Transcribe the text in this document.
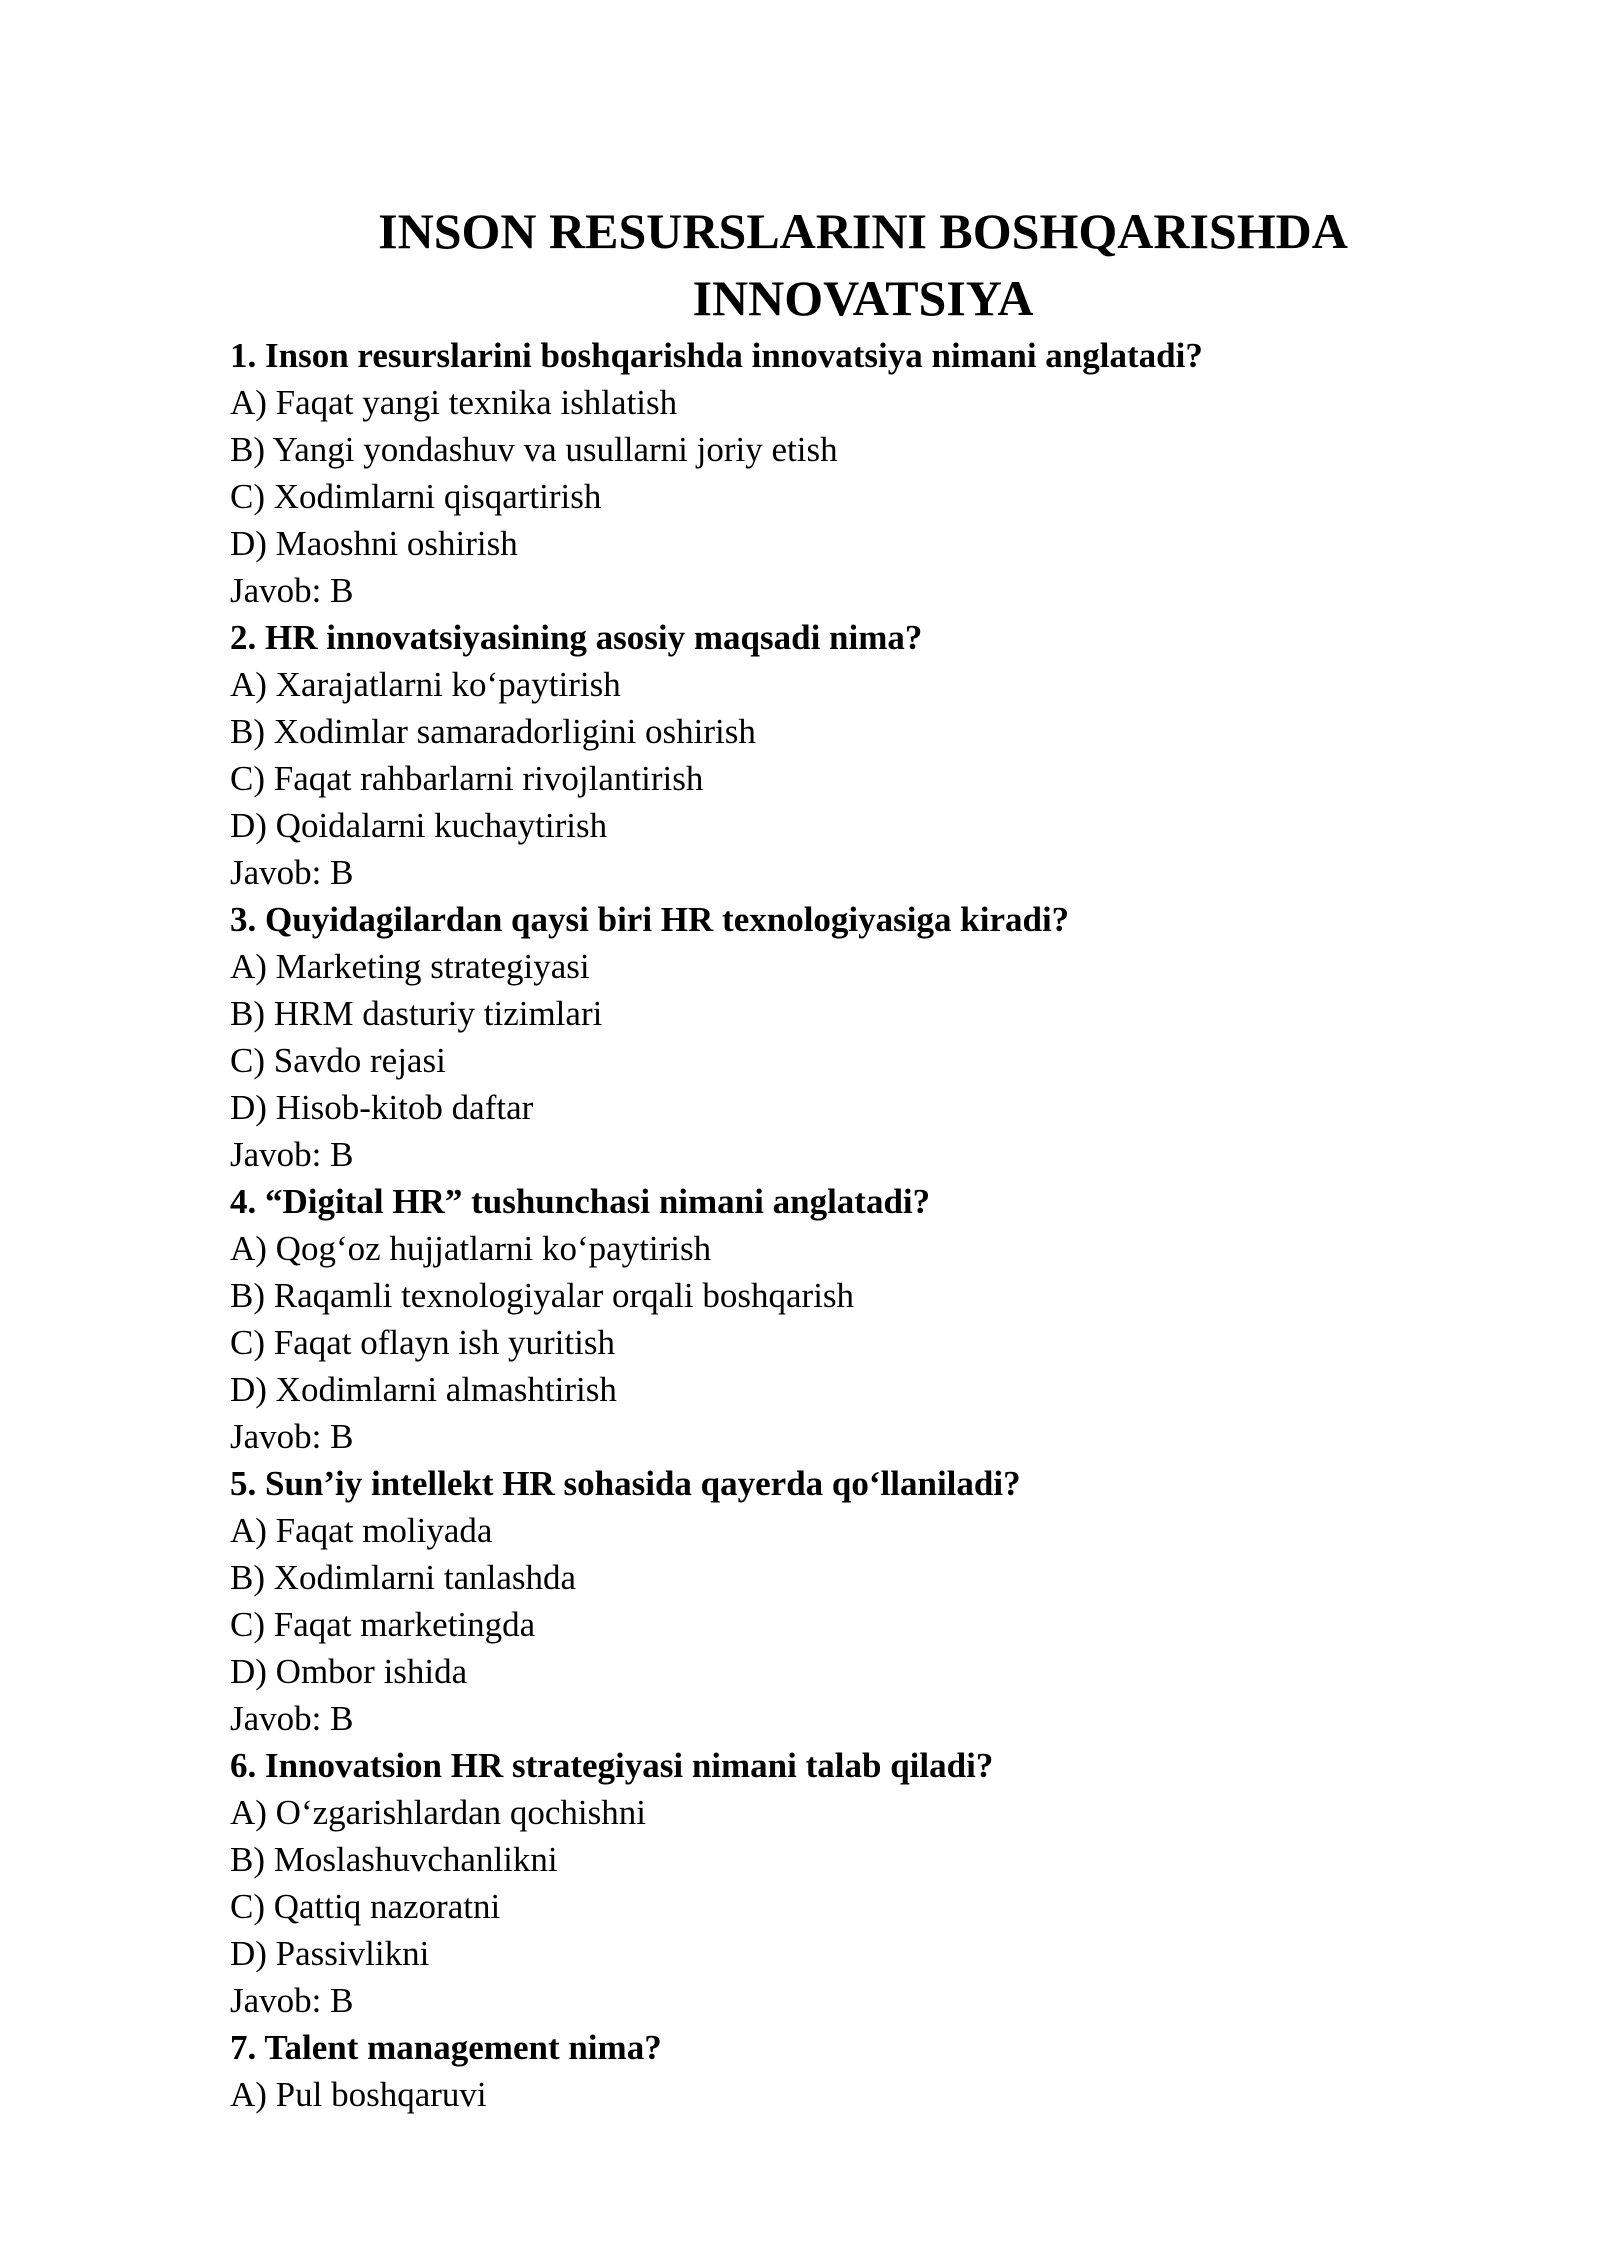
INSON RESURSLARINI BOSHQARISHDA
INNOVATSIYA
1. Inson resurslarini boshqarishda innovatsiya nimani anglatadi?
A) Faqat yangi texnika ishlatish
B) Yangi yondashuv va usullarni joriy etish
C) Xodimlarni qisqartirish
D) Maoshni oshirish
Javob: B
2. HR innovatsiyasining asosiy maqsadi nima?
A) Xarajatlarni ko‘paytirish
B) Xodimlar samaradorligini oshirish
C) Faqat rahbarlarni rivojlantirish
D) Qoidalarni kuchaytirish
Javob: B
3. Quyidagilardan qaysi biri HR texnologiyasiga kiradi?
A) Marketing strategiyasi
B) HRM dasturiy tizimlari
C) Savdo rejasi
D) Hisob-kitob daftar
Javob: B
4. “Digital HR” tushunchasi nimani anglatadi?
A) Qog‘oz hujjatlarni ko‘paytirish
B) Raqamli texnologiyalar orqali boshqarish
C) Faqat oflayn ish yuritish
D) Xodimlarni almashtirish
Javob: B
5. Sun’iy intellekt HR sohasida qayerda qo‘llaniladi?
A) Faqat moliyada
B) Xodimlarni tanlashda
C) Faqat marketingda
D) Ombor ishida
Javob: B
6. Innovatsion HR strategiyasi nimani talab qiladi?
A) O‘zgarishlardan qochishni
B) Moslashuvchanlikni
C) Qattiq nazoratni
D) Passivlikni
Javob: B
7. Talent management nima?
A) Pul boshqaruvi
